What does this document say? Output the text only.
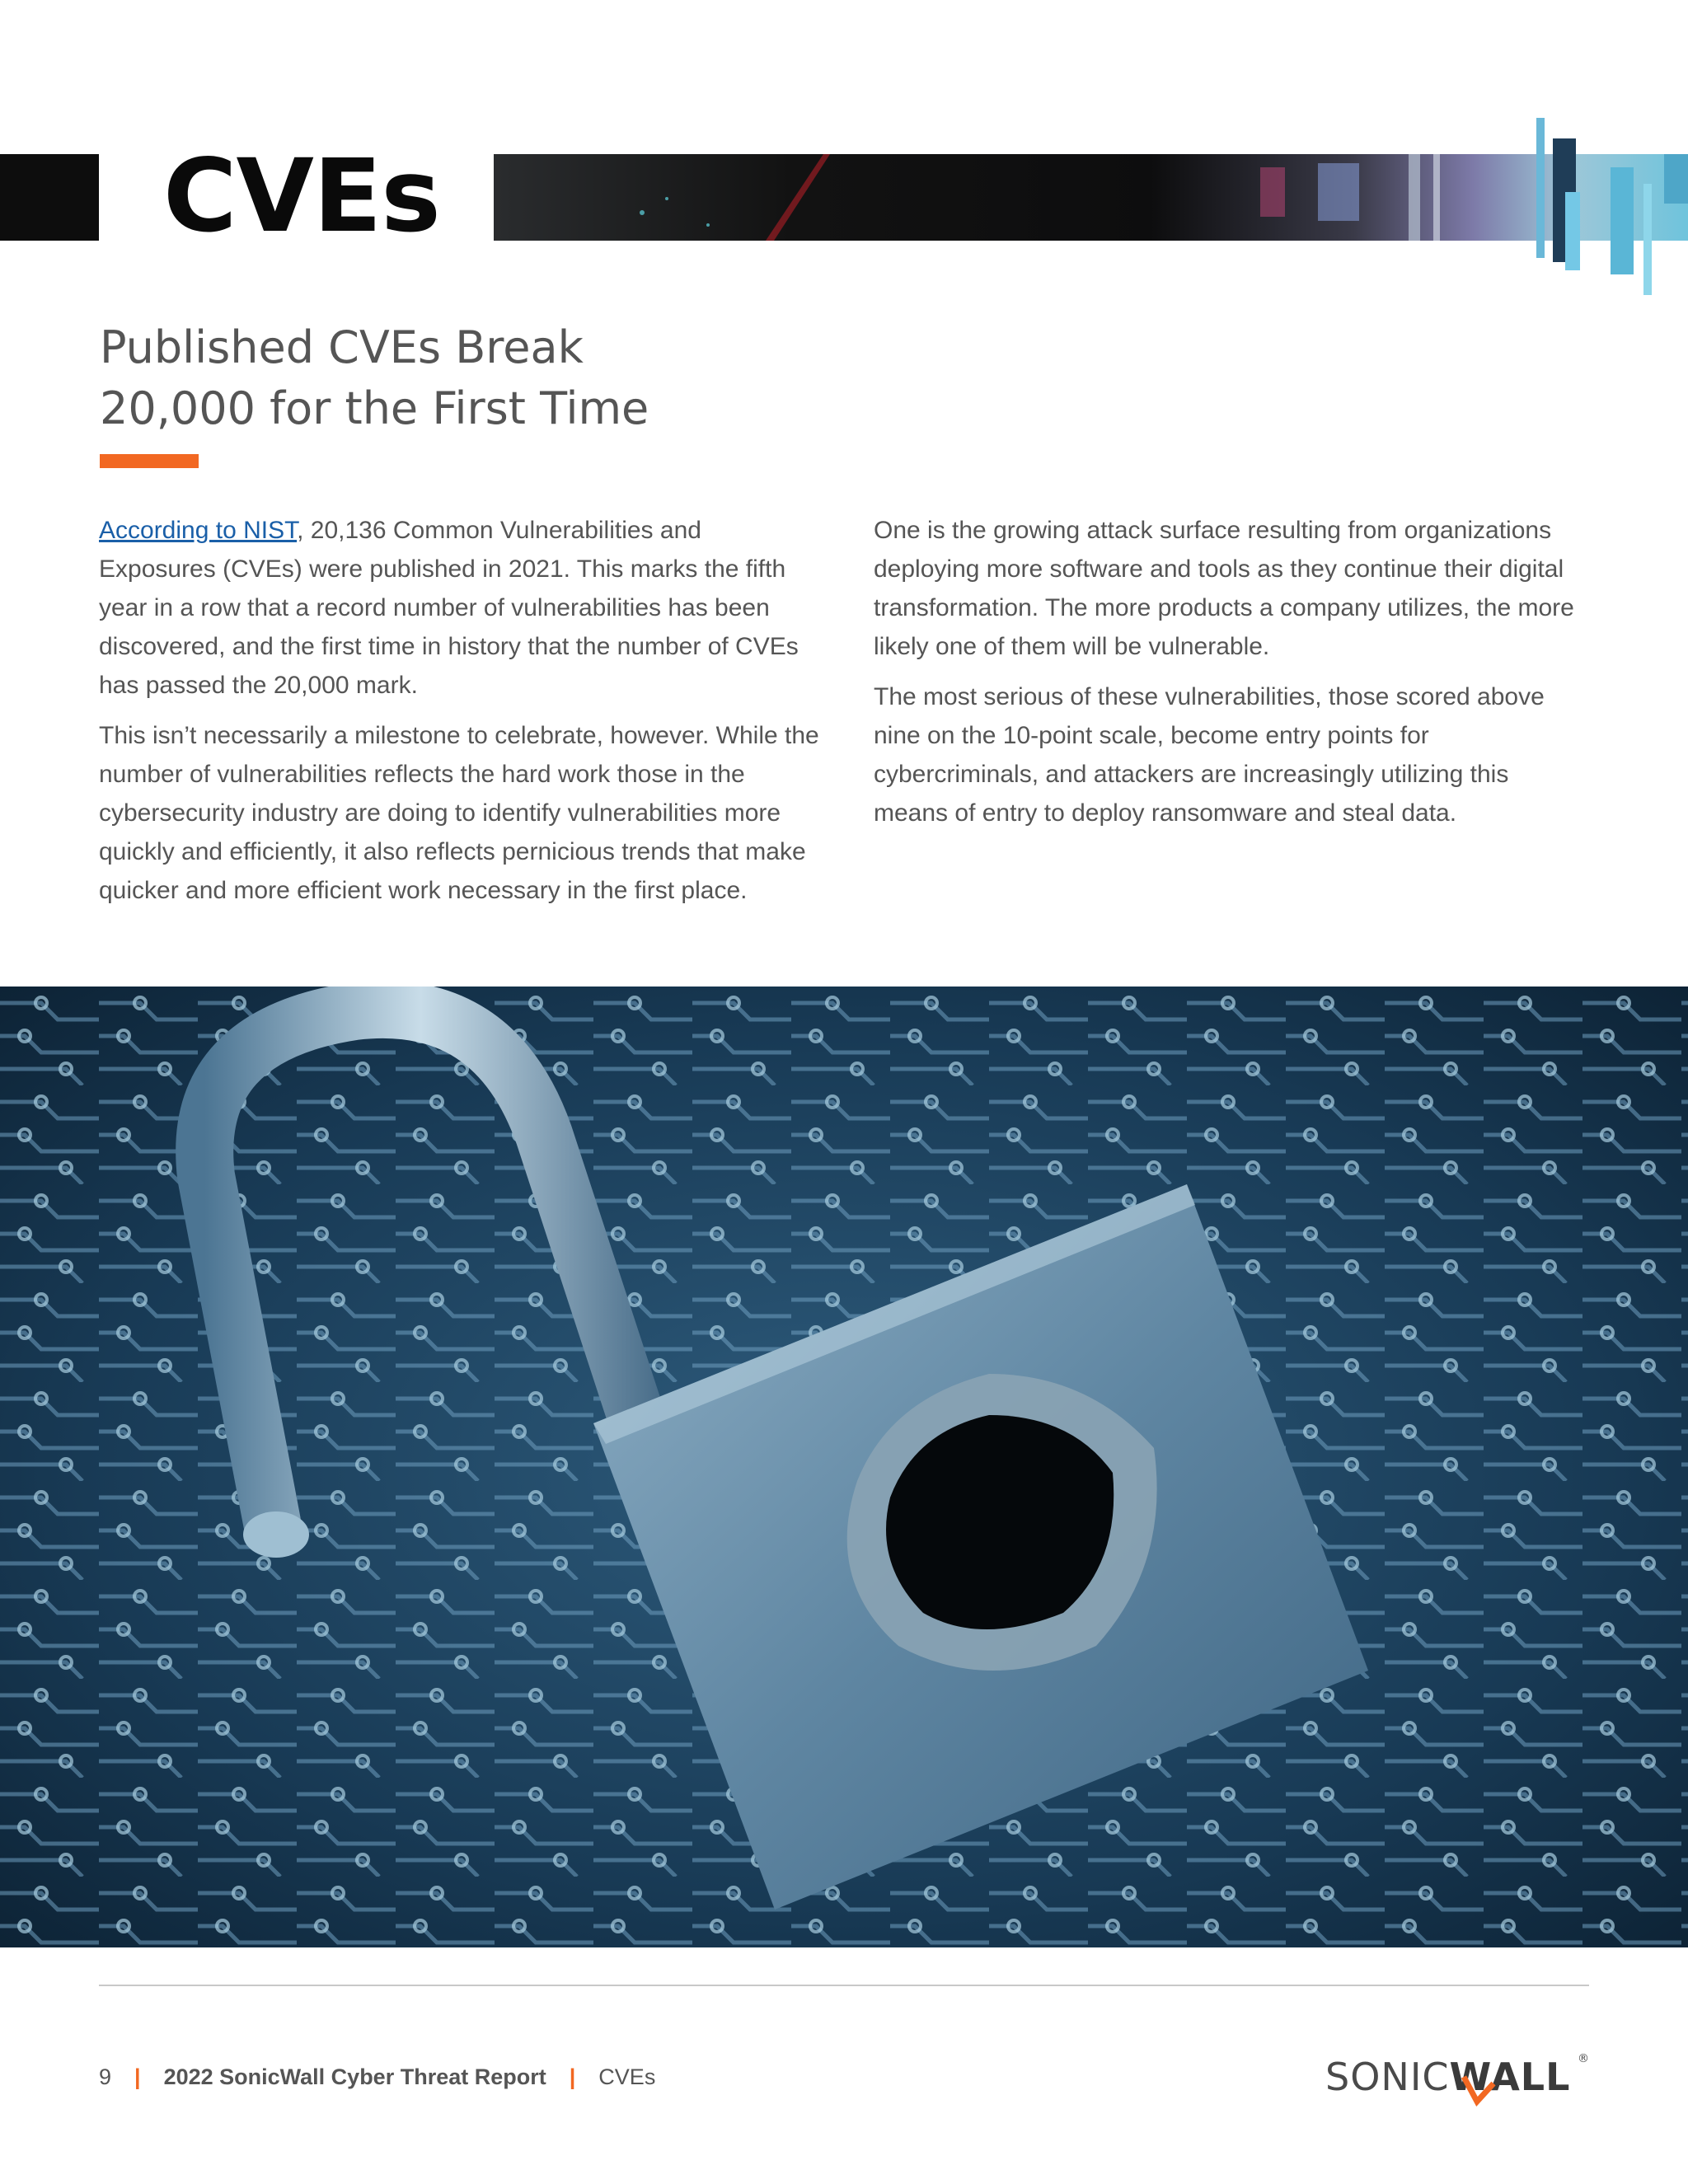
CVEs
Published CVEs Break
20,000 for the First Time

According to NIST, 20,136 Common Vulnerabilities and Exposures (CVEs) were published in 2021. This marks the fifth year in a row that a record number of vulnerabilities has been discovered, and the first time in history that the number of CVEs has passed the 20,000 mark.

This isn’t necessarily a milestone to celebrate, however. While the number of vulnerabilities reflects the hard work those in the cybersecurity industry are doing to identify vulnerabilities more quickly and efficiently, it also reflects pernicious trends that make quicker and more efficient work necessary in the first place.

One is the growing attack surface resulting from organizations deploying more software and tools as they continue their digital transformation. The more products a company utilizes, the more likely one of them will be vulnerable.

The most serious of these vulnerabilities, those scored above nine on the 10-point scale, become entry points for cybercriminals, and attackers are increasingly utilizing this means of entry to deploy ransomware and steal data.

9 | 2022 SonicWall Cyber Threat Report | CVEs	SONICWALL ®
